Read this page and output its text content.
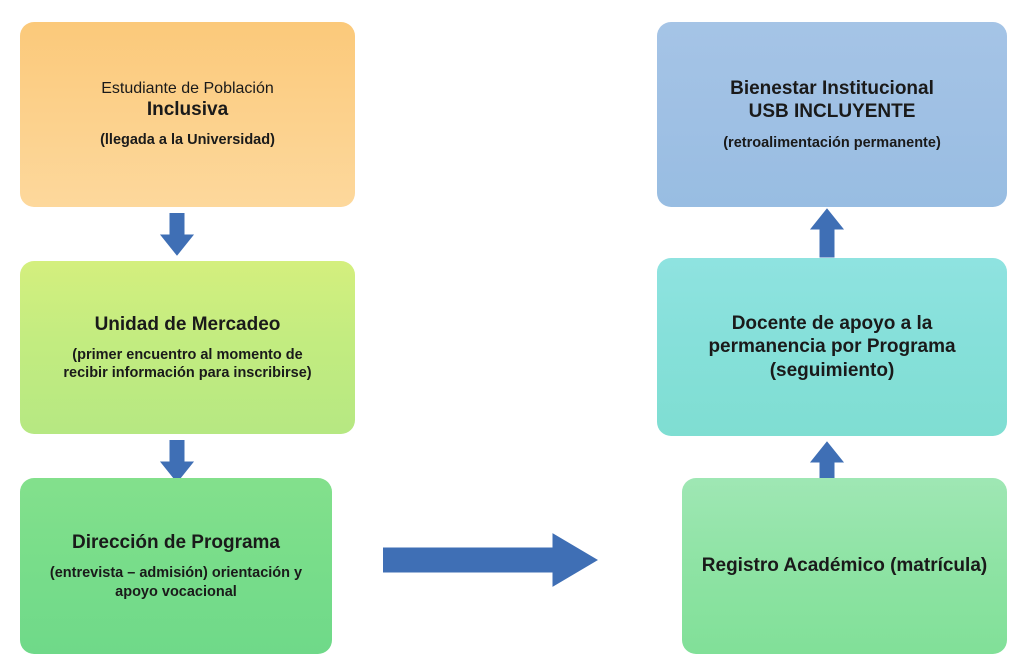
Estudiante de Población
Inclusiva
(llegada a la Universidad)
Unidad de Mercadeo
(primer encuentro al momento de
recibir información para inscribirse)
Dirección de Programa
(entrevista – admisión) orientación y
apoyo vocacional
Bienestar Institucional
USB INCLUYENTE
(retroalimentación permanente)
Docente de apoyo a la
permanencia por Programa
(seguimiento)
Registro Académico (matrícula)
